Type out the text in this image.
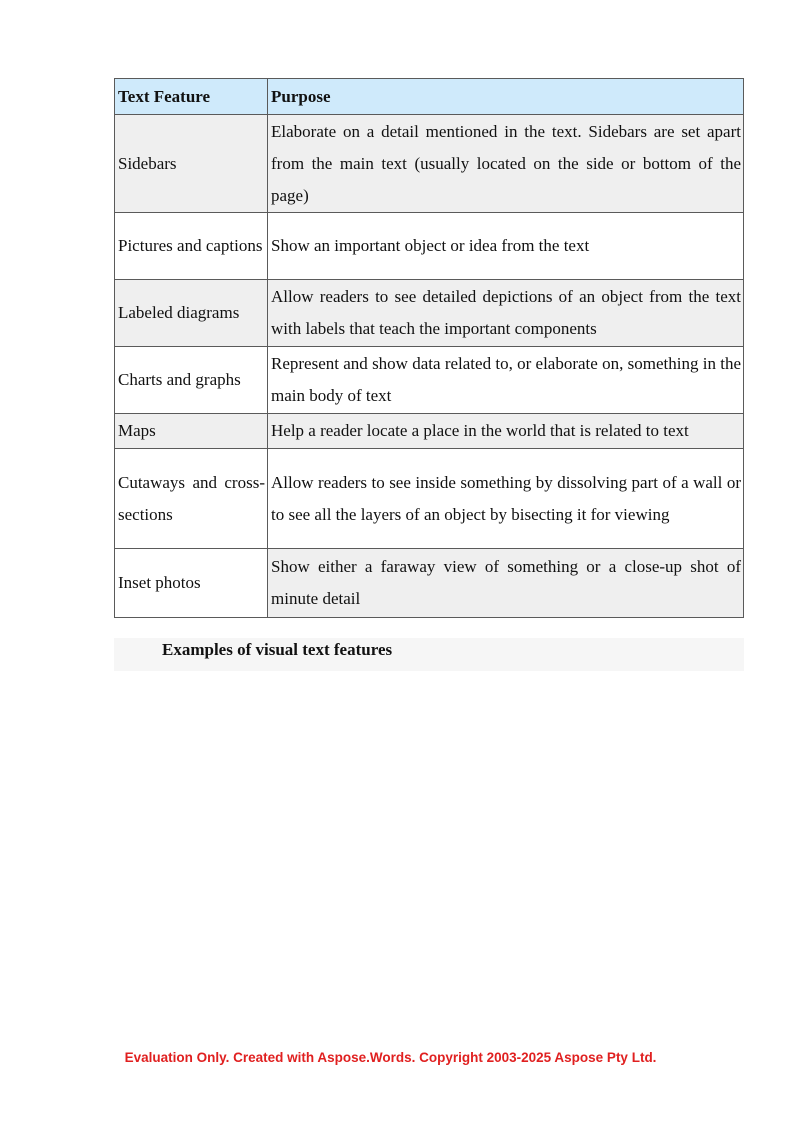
Text Feature	Purpose
Sidebars	Elaborate on a detail mentioned in the text. Sidebars are set apart from the main text (usually located on the side or bottom of the page)
Pictures and captions	Show an important object or idea from the text
Labeled diagrams	Allow readers to see detailed depictions of an object from the text with labels that teach the important components
Charts and graphs	Represent and show data related to, or elaborate on, something in the main body of text
Maps	Help a reader locate a place in the world that is related to text
Cutaways and cross-sections	Allow readers to see inside something by dissolving part of a wall or to see all the layers of an object by bisecting it for viewing
Inset photos	Show either a faraway view of something or a close-up shot of minute detail
Examples of visual text features
Evaluation Only. Created with Aspose.Words. Copyright 2003-2025 Aspose Pty Ltd.
